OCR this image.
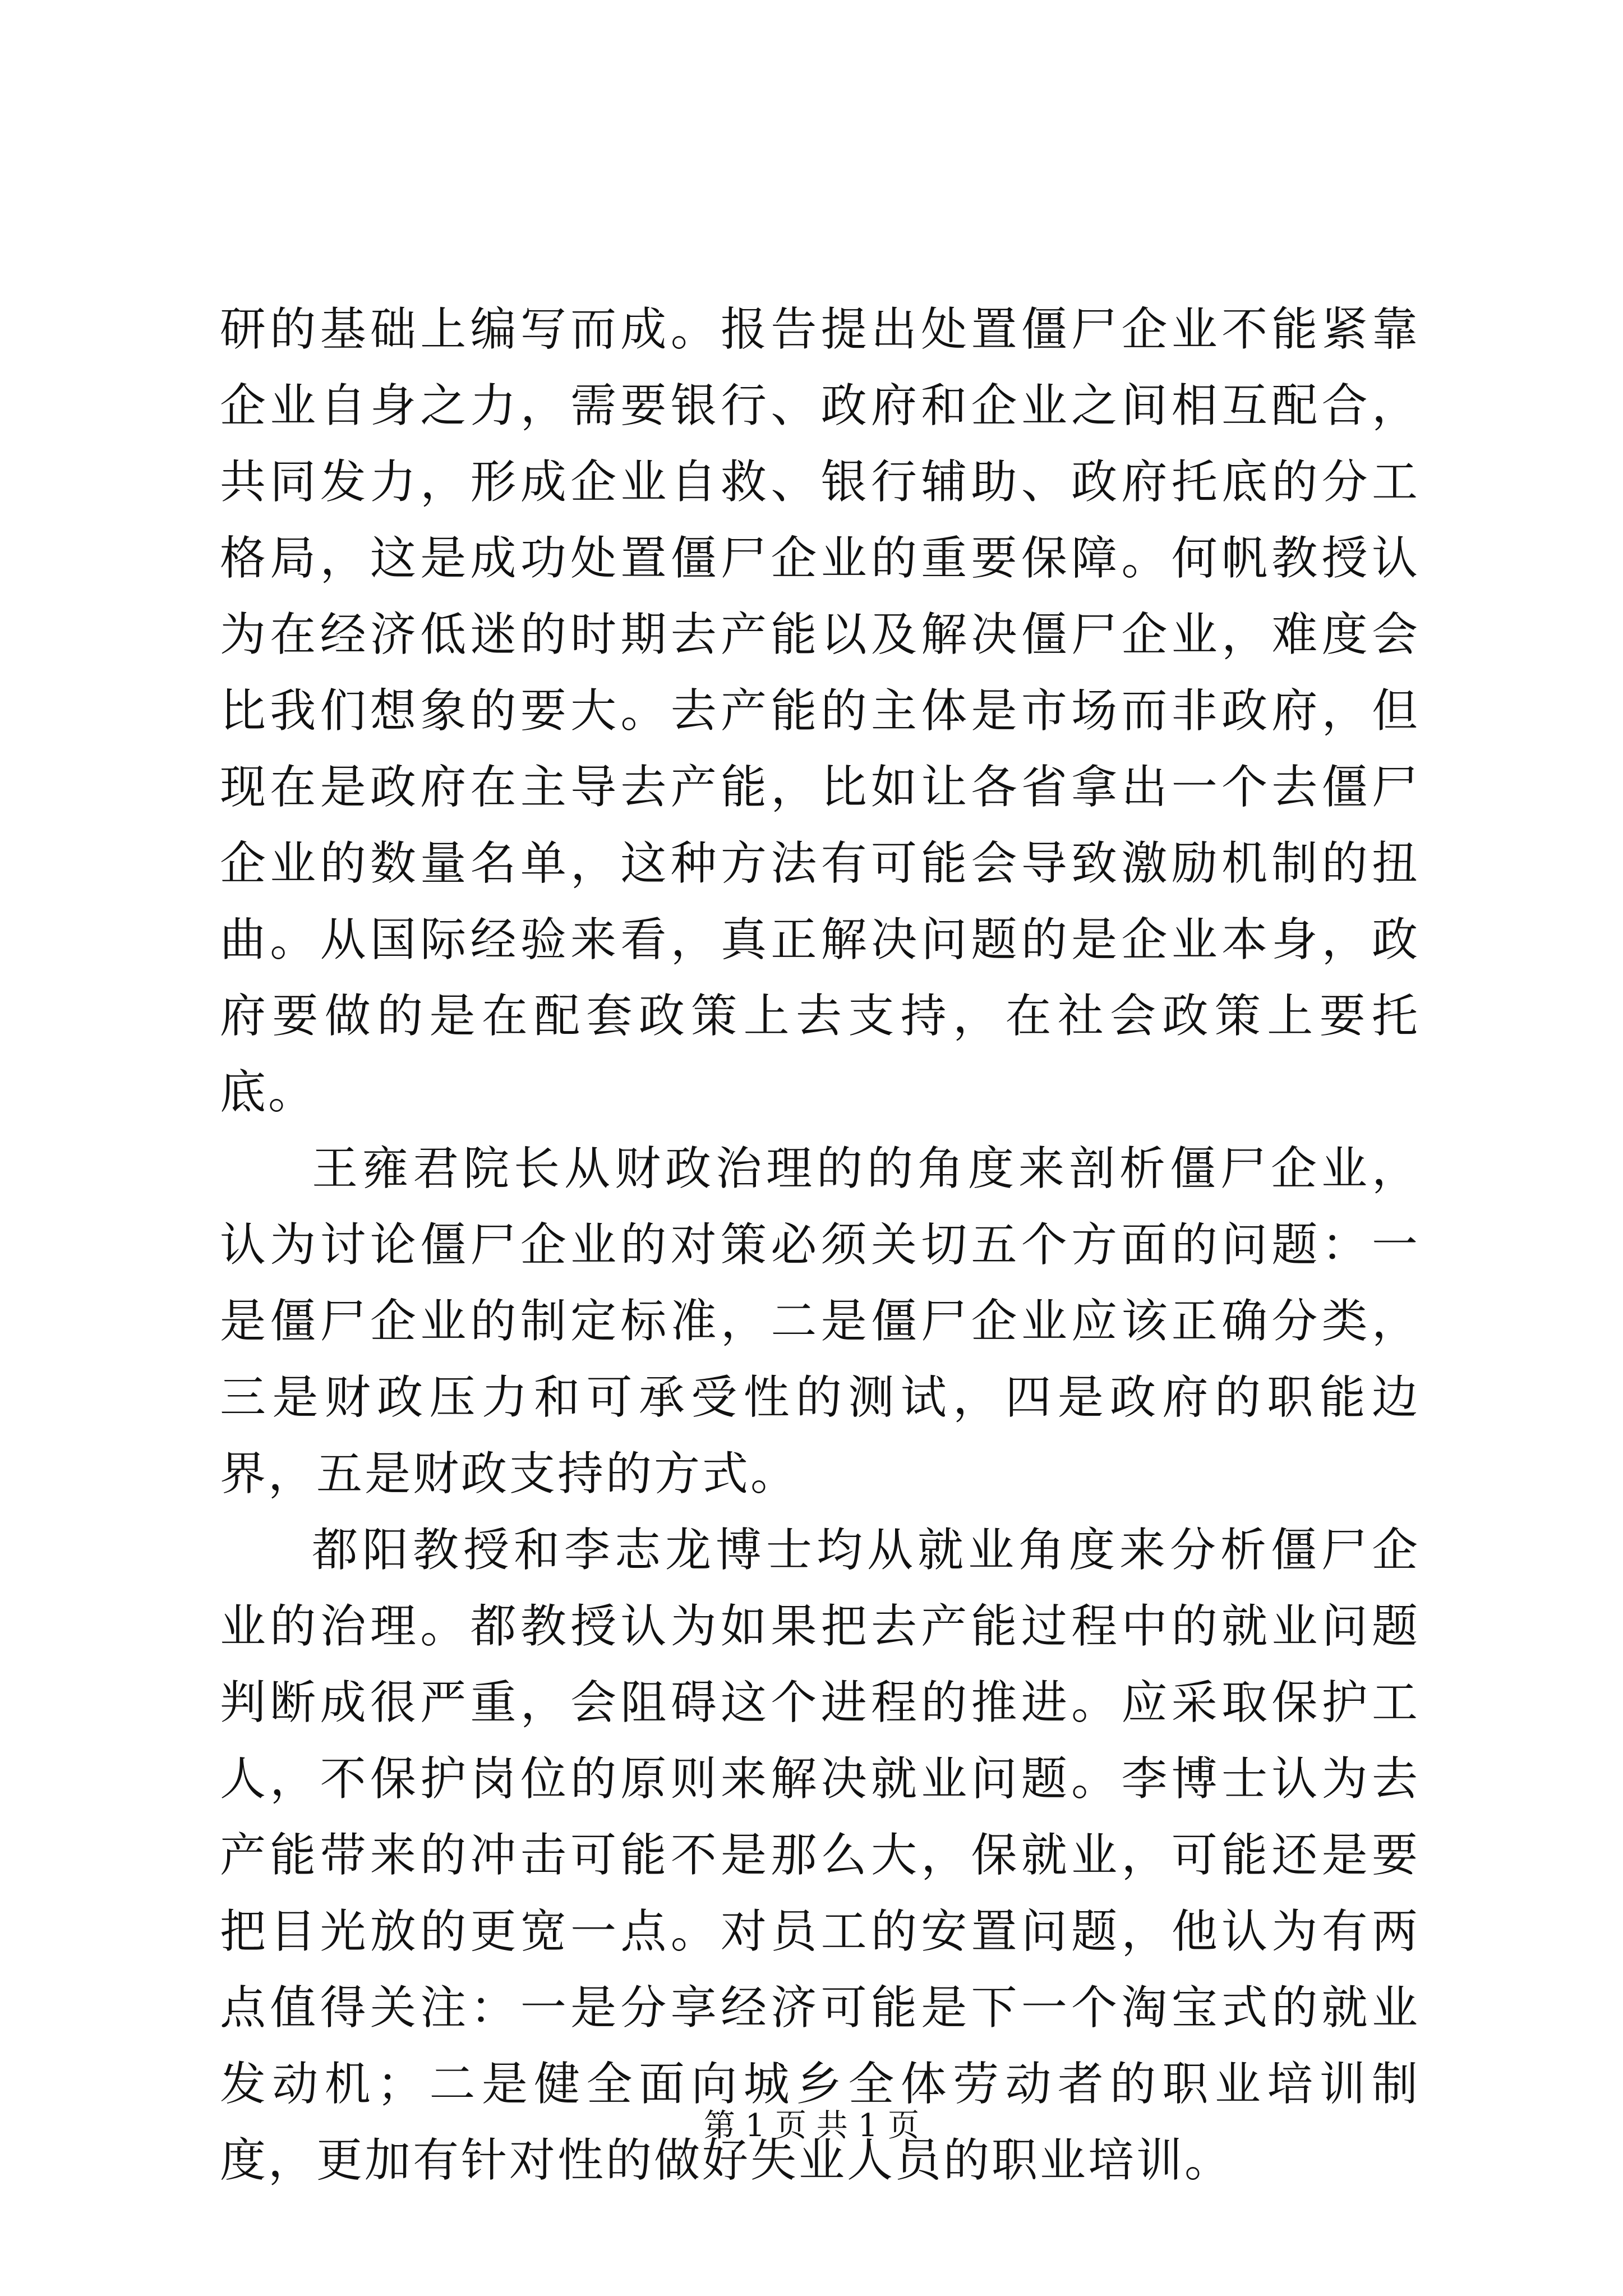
研的基础上编写而成。报告提出处置僵尸企业不能紧靠企业自身之力，需要银行、政府和企业之间相互配合，共同发力，形成企业自救、银行辅助、政府托底的分工格局，这是成功处置僵尸企业的重要保障。何帆教授认为在经济低迷的时期去产能以及解决僵尸企业，难度会比我们想象的要大。去产能的主体是市场而非政府，但现在是政府在主导去产能，比如让各省拿出一个去僵尸企业的数量名单，这种方法有可能会导致激励机制的扭曲。从国际经验来看，真正解决问题的是企业本身，政府要做的是在配套政策上去支持，在社会政策上要托底。

王雍君院长从财政治理的的角度来剖析僵尸企业，认为讨论僵尸企业的对策必须关切五个方面的问题：一是僵尸企业的制定标准，二是僵尸企业应该正确分类，三是财政压力和可承受性的测试，四是政府的职能边界，五是财政支持的方式。

都阳教授和李志龙博士均从就业角度来分析僵尸企业的治理。都教授认为如果把去产能过程中的就业问题判断成很严重，会阻碍这个进程的推进。应采取保护工人，不保护岗位的原则来解决就业问题。李博士认为去产能带来的冲击可能不是那么大，保就业，可能还是要把目光放的更宽一点。对员工的安置问题，他认为有两点值得关注：一是分享经济可能是下一个淘宝式的就业发动机；二是健全面向城乡全体劳动者的职业培训制度，更加有针对性的做好失业人员的职业培训。

第 1 页 共 1 页
